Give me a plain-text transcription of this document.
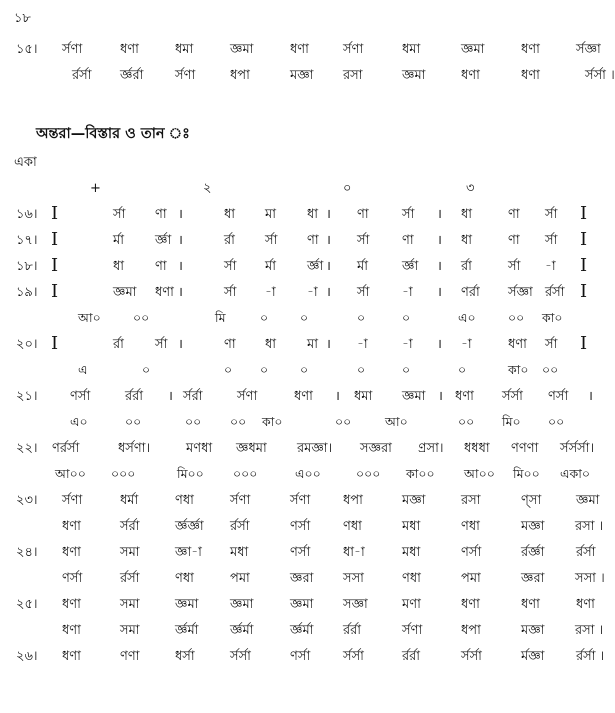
১৮
অন্তরা—বিস্তার ও তান ঃ
একা
১৫। র্সণা	ধণা	ধমা	জ্ঞমা	ধণা	র্সণা	ধমা	জ্ঞমা	ধণা	র্সজ্ঞা
র্রর্সা র্জ্ঞর্রা র্সণা	ধপা	মজ্ঞা রসা	জ্ঞমা	ধণা	ধণা	র্সর্সা ।
+	২	০	৩
১৬। I	র্সা ণা ।	ধা মা ধা । ণা	র্সা । ধা	ণা র্সা I
১৭। I	র্মা র্জ্ঞা ।	র্রা র্সা ণা । র্সা	ণা । ধা	ণা র্সা I
১৮। I	ধা ণা ।	র্সা র্মা র্জ্ঞা । র্মা	র্জ্ঞা । র্রা	র্সা -া I
১৯। I	জ্ঞমা ধণা ।	র্সা -া -া । র্সা	-া । ণর্রা র্সজ্ঞা র্রর্সা I
আ০	০০	মি	০	০	০	০	এ০	০০ কা০
২০। I	র্রা র্সা ।	ণা ধা মা । -া	-া । -া	ধণা র্সা I
এ	০	০ ০	০	০	০	০	কা০ ০০
২১। ণর্সা	র্রর্রা । র্সর্রা	র্সণা	ধণা । ধমা জ্ঞমা । ধণা র্সর্সা ণর্সা ।
এ০	০০	০০ ০০ কা০	০০	আ০	০০ মি০ ০০
২২। ণর্রর্সা	ধর্সণা।	মণধা জ্ঞধমা রমজ্ঞা। সজ্ঞরা ণ্রসা। ধধধা ণণণা র্সর্সর্সা।
আ০০ ০০০	মি০০ ০০০	এ০০	০০০ কা০০ আ০০ মি০০ একা০
২৩। র্সণা	ধর্মা	ণধা	র্সণা	র্সণা	ধপা	মজ্ঞা	রসা	ণ্সা	জ্ঞমা
ধণা	র্সর্রা	র্জ্ঞর্জ্ঞা র্রর্সা	ণর্সা	ণধা	মধা	ণধা	মজ্ঞা রসা ।
২৪। ধণা	সমা	জ্ঞা-া মধা	ণর্সা	ধা-া	মধা	ণর্সা	র্রর্জ্ঞা র্রর্সা
ণর্সা	র্রর্সা	ণধা	পমা	জ্ঞরা সসা	ণধা	পমা	জ্ঞরা সসা ।
২৫। ধণা	সমা	জ্ঞমা জ্ঞমা	জ্ঞমা সজ্ঞা	মণা	ধণা	ধণা	ধণা
ধণা	সমা	র্জ্ঞর্মা র্জ্ঞর্মা	র্জ্ঞর্মা র্রর্রা	র্সণা	ধপা	মজ্ঞা রসা ।
২৬। ধণা	ণণা	ধর্সা	র্সর্সা	ণর্সা	র্সর্সা	র্রর্রা	র্সর্সা	র্মজ্ঞা র্রর্সা ।
